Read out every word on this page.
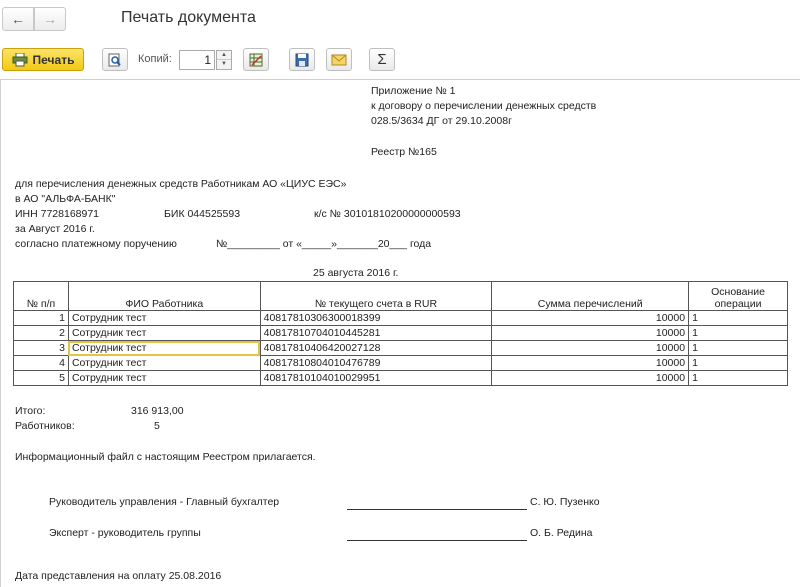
← →	Печать документа
Печать	Копий:	1	▲
▼	Σ
Приложение № 1
к договору о перечислении денежных средств
028.5/3634 ДГ от 29.10.2008г
Реестр №165
для перечисления денежных средств Работникам АО «ЦИУС ЕЭС»
в АО "АЛЬФА-БАНК"
ИНН 7728168971	БИК 044525593	к/с № 30101810200000000593
за Август 2016 г.
согласно платежному поручению	№_________ от «_____»_______20___ года
25 августа 2016 г.
№ п/п	ФИО Работника	№ текущего счета в RUR	Сумма перечислений	Основание операции
1	Сотрудник тест	40817810306300018399	10000	1
2	Сотрудник тест	40817810704010445281	10000	1
3	Сотрудник тест	40817810406420027128	10000	1
4	Сотрудник тест	40817810804010476789	10000	1
5	Сотрудник тест	40817810104010029951	10000	1
Итого:	316 913,00
Работников:	5
Информационный файл с настоящим Реестром прилагается.
Руководитель управления - Главный бухгалтер	С. Ю. Пузенко
Эксперт - руководитель группы	О. Б. Редина
Дата представления на оплату 25.08.2016
